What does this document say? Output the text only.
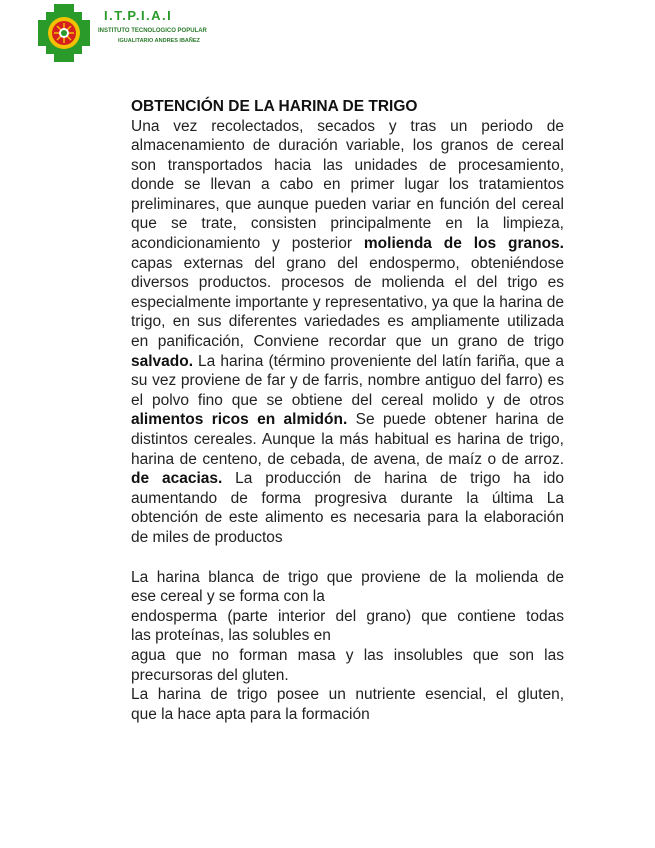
I.T.P.I.A.I
INSTITUTO TECNOLOGICO POPULAR
IGUALITARIO ANDRES IBAÑEZ
OBTENCIÓN DE LA HARINA DE TRIGO

Una vez recolectados, secados y tras un periodo de almacenamiento de duración variable, los granos de cereal son transportados hacia las unidades de procesamiento, donde se llevan a cabo en primer lugar los tratamientos preliminares, que aunque pueden variar en función del cereal que se trate, consisten principalmente en la limpieza, acondicionamiento y posterior molienda de los granos. capas externas del grano del endospermo, obteniéndose diversos productos. procesos de molienda el del trigo es especialmente importante y representativo, ya que la harina de trigo, en sus diferentes variedades es ampliamente utilizada en panificación, Conviene recordar que un grano de trigo salvado. La harina (término proveniente del latín fariña, que a su vez proviene de far y de farris, nombre antiguo del farro) es el polvo fino que se obtiene del cereal molido y de otros alimentos ricos en almidón. Se puede obtener harina de distintos cereales. Aunque la más habitual es harina de trigo, harina de centeno, de cebada, de avena, de maíz o de arroz. de acacias. La producción de harina de trigo ha ido aumentando de forma progresiva durante la última La obtención de este alimento es necesaria para la elaboración de miles de productos

La harina blanca de trigo que proviene de la molienda de

ese cereal y se forma con la

endosperma (parte interior del grano) que contiene todas

las proteínas, las solubles en

agua que no forman masa y las insolubles que son las

precursoras del gluten.

La harina de trigo posee un nutriente esencial, el gluten,

que la hace apta para la formación
